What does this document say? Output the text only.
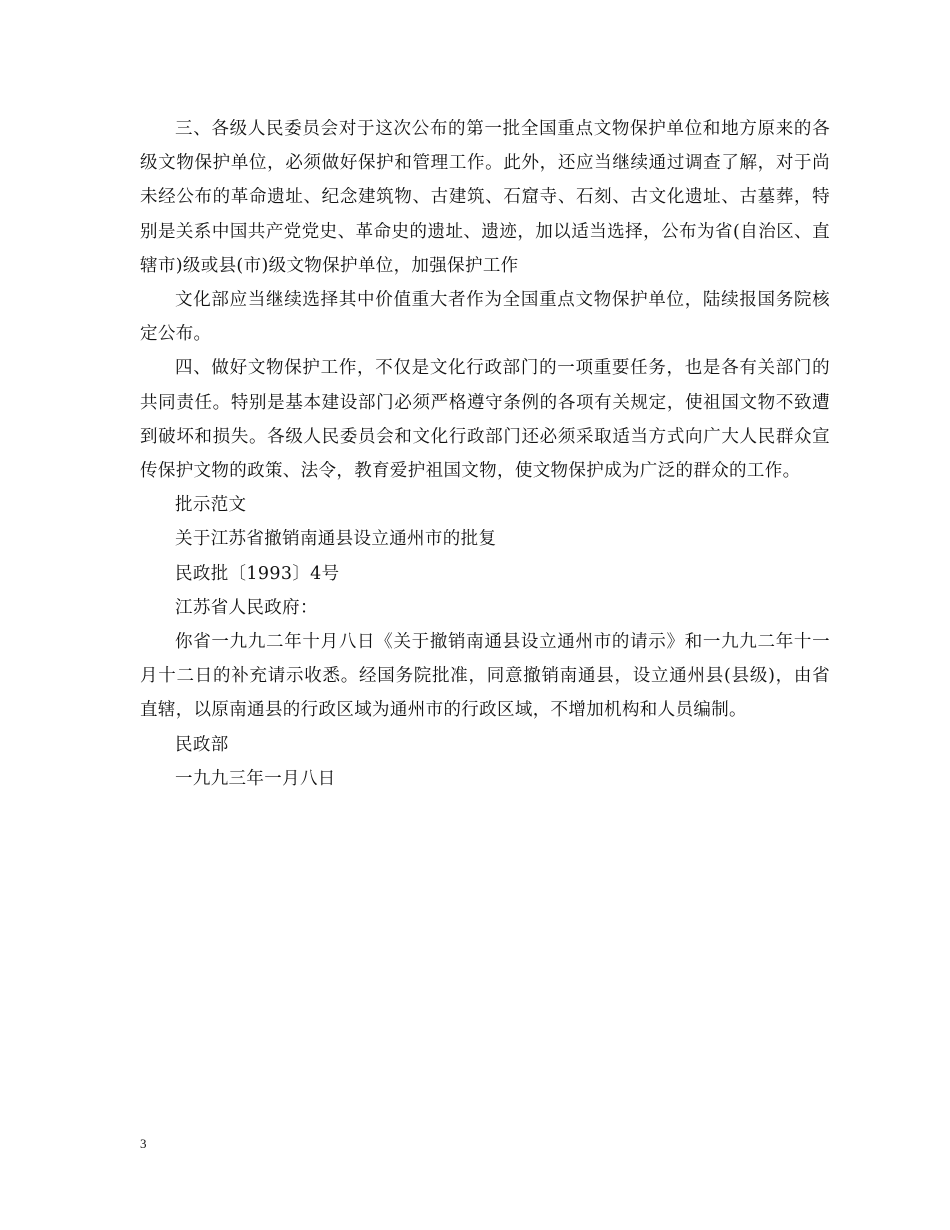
三、各级人民委员会对于这次公布的第一批全国重点文物保护单位和地方原来的各级文物保护单位，必须做好保护和管理工作。此外，还应当继续通过调查了解，对于尚未经公布的革命遗址、纪念建筑物、古建筑、石窟寺、石刻、古文化遗址、古墓葬，特别是关系中国共产党党史、革命史的遗址、遗迹，加以适当选择，公布为省(自治区、直辖市)级或县(市)级文物保护单位，加强保护工作

文化部应当继续选择其中价值重大者作为全国重点文物保护单位，陆续报国务院核定公布。

四、做好文物保护工作，不仅是文化行政部门的一项重要任务，也是各有关部门的共同责任。特别是基本建设部门必须严格遵守条例的各项有关规定，使祖国文物不致遭到破坏和损失。各级人民委员会和文化行政部门还必须采取适当方式向广大人民群众宣传保护文物的政策、法令，教育爱护祖国文物，使文物保护成为广泛的群众的工作。

批示范文

关于江苏省撤销南通县设立通州市的批复

民政批〔1993〕4号

江苏省人民政府：

你省一九九二年十月八日《关于撤销南通县设立通州市的请示》和一九九二年十一月十二日的补充请示收悉。经国务院批准，同意撤销南通县，设立通州县(县级)，由省直辖，以原南通县的行政区域为通州市的行政区域，不增加机构和人员编制。

民政部

一九九三年一月八日

3
